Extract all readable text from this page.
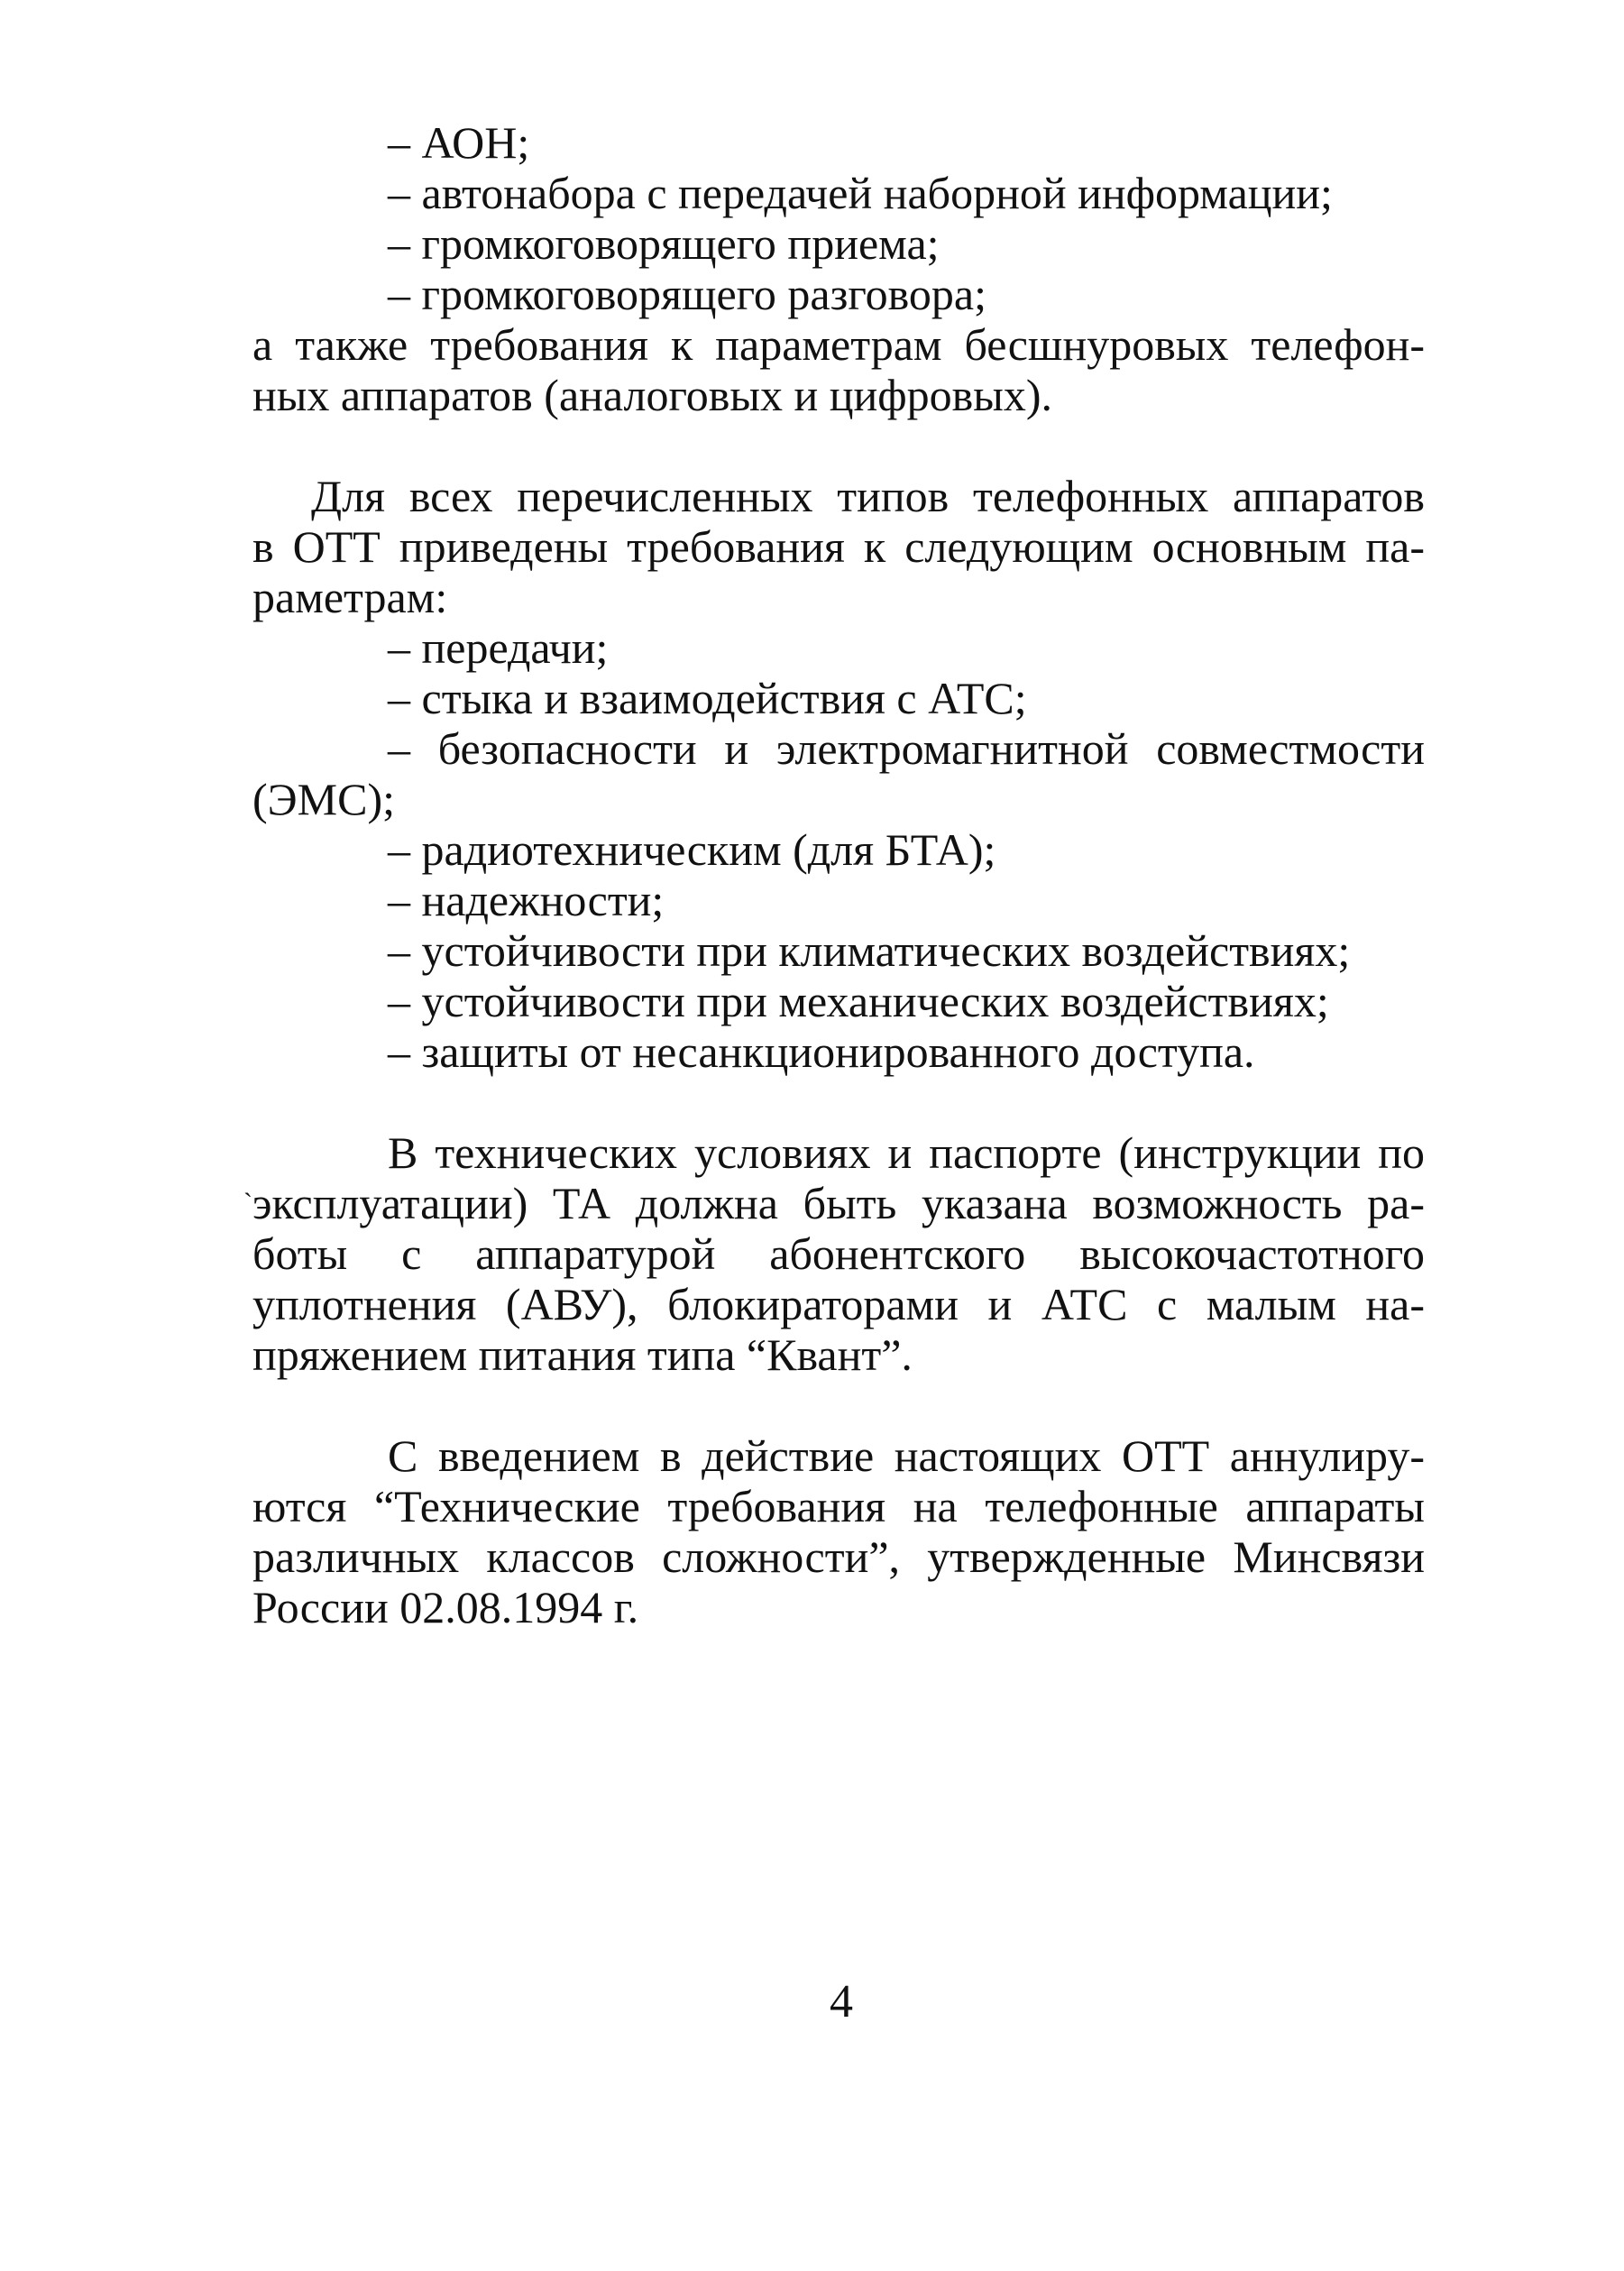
– АОН;
– автонабора с передачей наборной информации;
– громкоговорящего приема;
– громкоговорящего разговора;
а также требования к параметрам бесшнуровых телефон-
ных аппаратов (аналоговых и цифровых).
Для всех перечисленных типов телефонных аппаратов
в ОТТ приведены требования к следующим основным па-
раметрам:
– передачи;
– стыка и взаимодействия с АТС;
– безопасности и электромагнитной совместмости
(ЭМС);
– радиотехническим (для БТА);
– надежности;
– устойчивости при климатических воздействиях;
– устойчивости при механических воздействиях;
– защиты от несанкционированного доступа.
В технических условиях и паспорте (инструкции по
` эксплуатации) ТА должна быть указана возможность ра-
боты с аппаратурой абонентского высокочастотного
уплотнения (АВУ), блокираторами и АТС с малым на-
пряжением питания типа “Квант”.
С введением в действие настоящих ОТТ аннулиру-
ются “Технические требования на телефонные аппараты
различных классов сложности”, утвержденные Минсвязи
России 02.08.1994 г.
4
